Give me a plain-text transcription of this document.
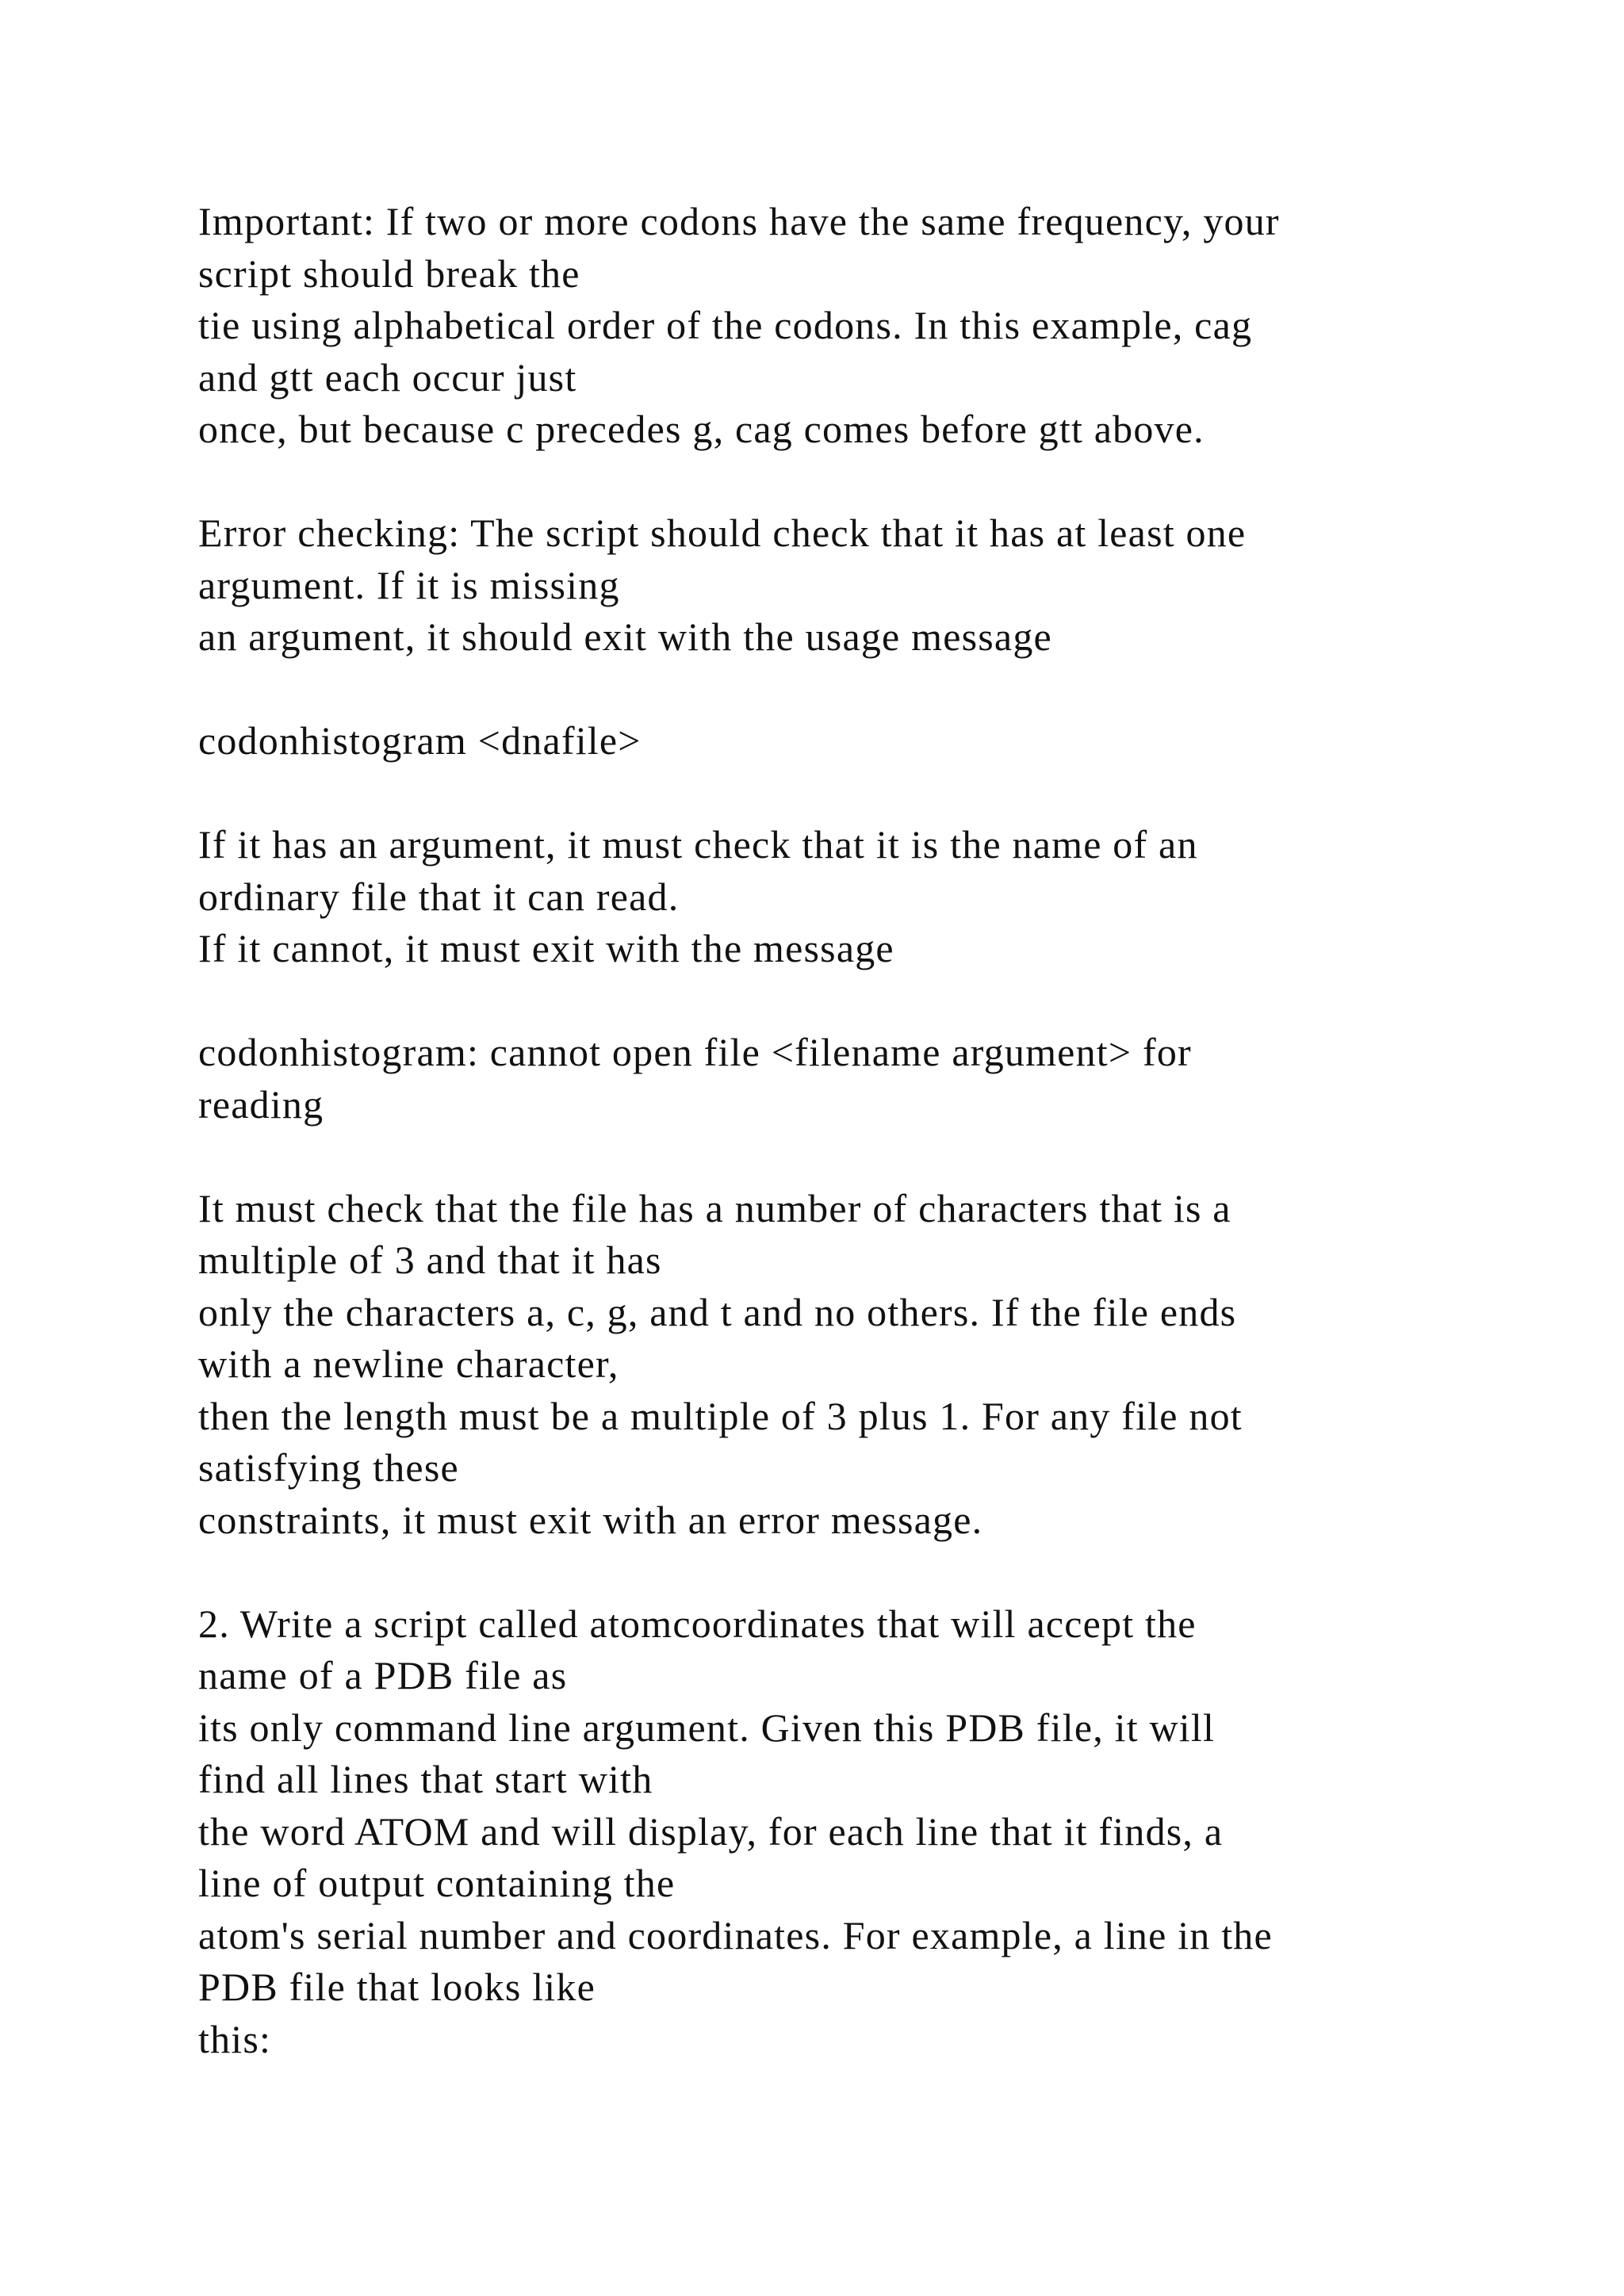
Important: If two or more codons have the same frequency, your
script should break the
tie using alphabetical order of the codons. In this example, cag
and gtt each occur just
once, but because c precedes g, cag comes before gtt above.
Error checking: The script should check that it has at least one
argument. If it is missing
an argument, it should exit with the usage message
codonhistogram <dnafile>
If it has an argument, it must check that it is the name of an
ordinary file that it can read.
If it cannot, it must exit with the message
codonhistogram: cannot open file <filename argument> for
reading
It must check that the file has a number of characters that is a
multiple of 3 and that it has
only the characters a, c, g, and t and no others. If the file ends
with a newline character,
then the length must be a multiple of 3 plus 1. For any file not
satisfying these
constraints, it must exit with an error message.
2. Write a script called atomcoordinates that will accept the
name of a PDB file as
its only command line argument. Given this PDB file, it will
find all lines that start with
the word ATOM and will display, for each line that it finds, a
line of output containing the
atom's serial number and coordinates. For example, a line in the
PDB file that looks like
this:
